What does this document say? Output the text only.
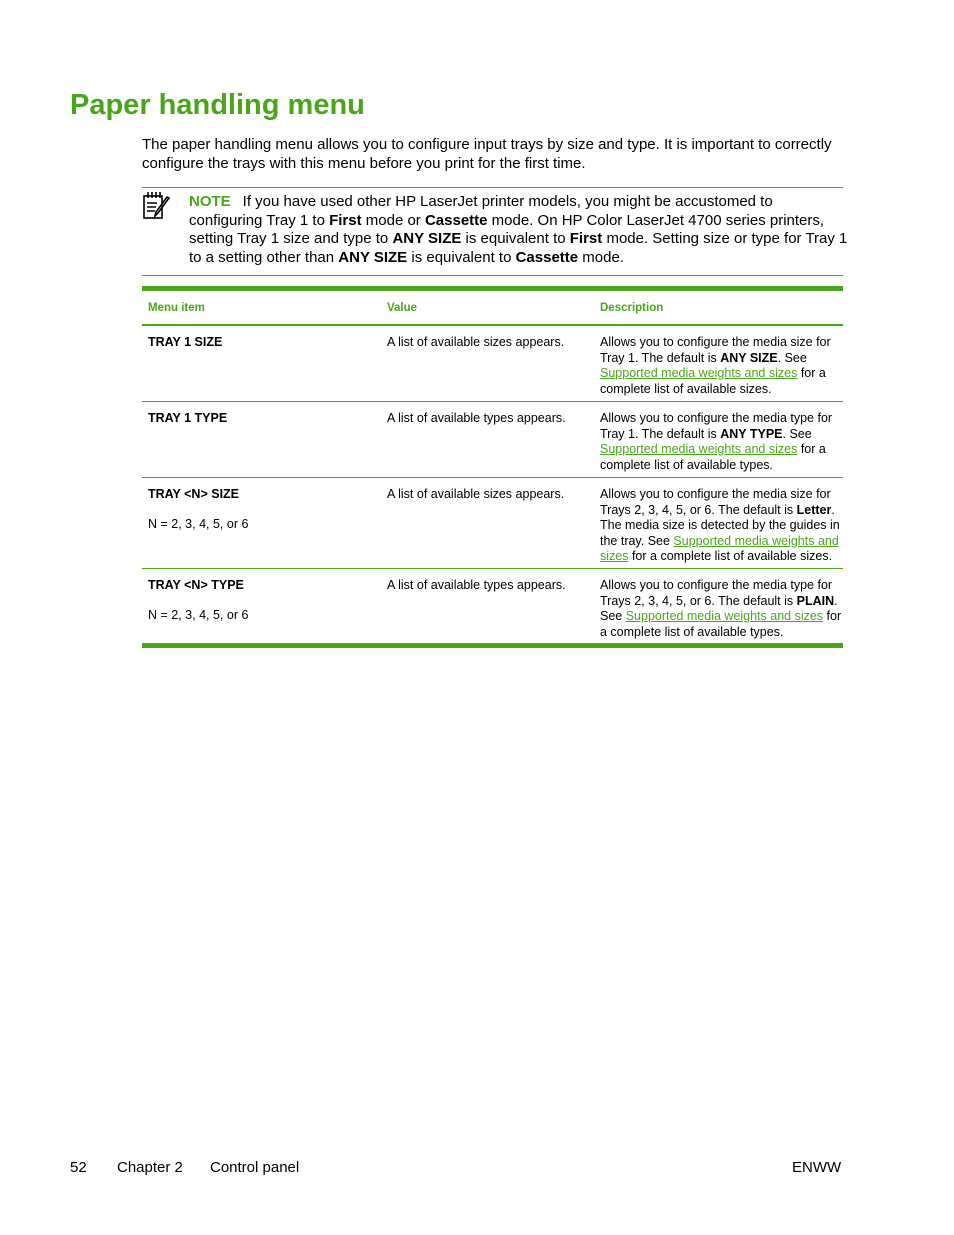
Paper handling menu

The paper handling menu allows you to configure input trays by size and type. It is important to correctly configure the trays with this menu before you print for the first time.

NOTE If you have used other HP LaserJet printer models, you might be accustomed to configuring Tray 1 to First mode or Cassette mode. On HP Color LaserJet 4700 series printers, setting Tray 1 size and type to ANY SIZE is equivalent to First mode. Setting size or type for Tray 1 to a setting other than ANY SIZE is equivalent to Cassette mode.

Menu item	Value	Description
TRAY 1 SIZE	A list of available sizes appears.	Allows you to configure the media size for Tray 1. The default is ANY SIZE. See Supported media weights and sizes for a complete list of available sizes.
TRAY 1 TYPE	A list of available types appears.	Allows you to configure the media type for Tray 1. The default is ANY TYPE. See Supported media weights and sizes for a complete list of available types.
TRAY <N> SIZE
N = 2, 3, 4, 5, or 6
A list of available sizes appears.	Allows you to configure the media size for Trays 2, 3, 4, 5, or 6. The default is Letter. The media size is detected by the guides in the tray. See Supported media weights and sizes for a complete list of available sizes.
TRAY <N> TYPE
N = 2, 3, 4, 5, or 6
A list of available types appears.	Allows you to configure the media type for Trays 2, 3, 4, 5, or 6. The default is PLAIN. See Supported media weights and sizes for a complete list of available types.
52 Chapter 2 Control panel	ENWW
